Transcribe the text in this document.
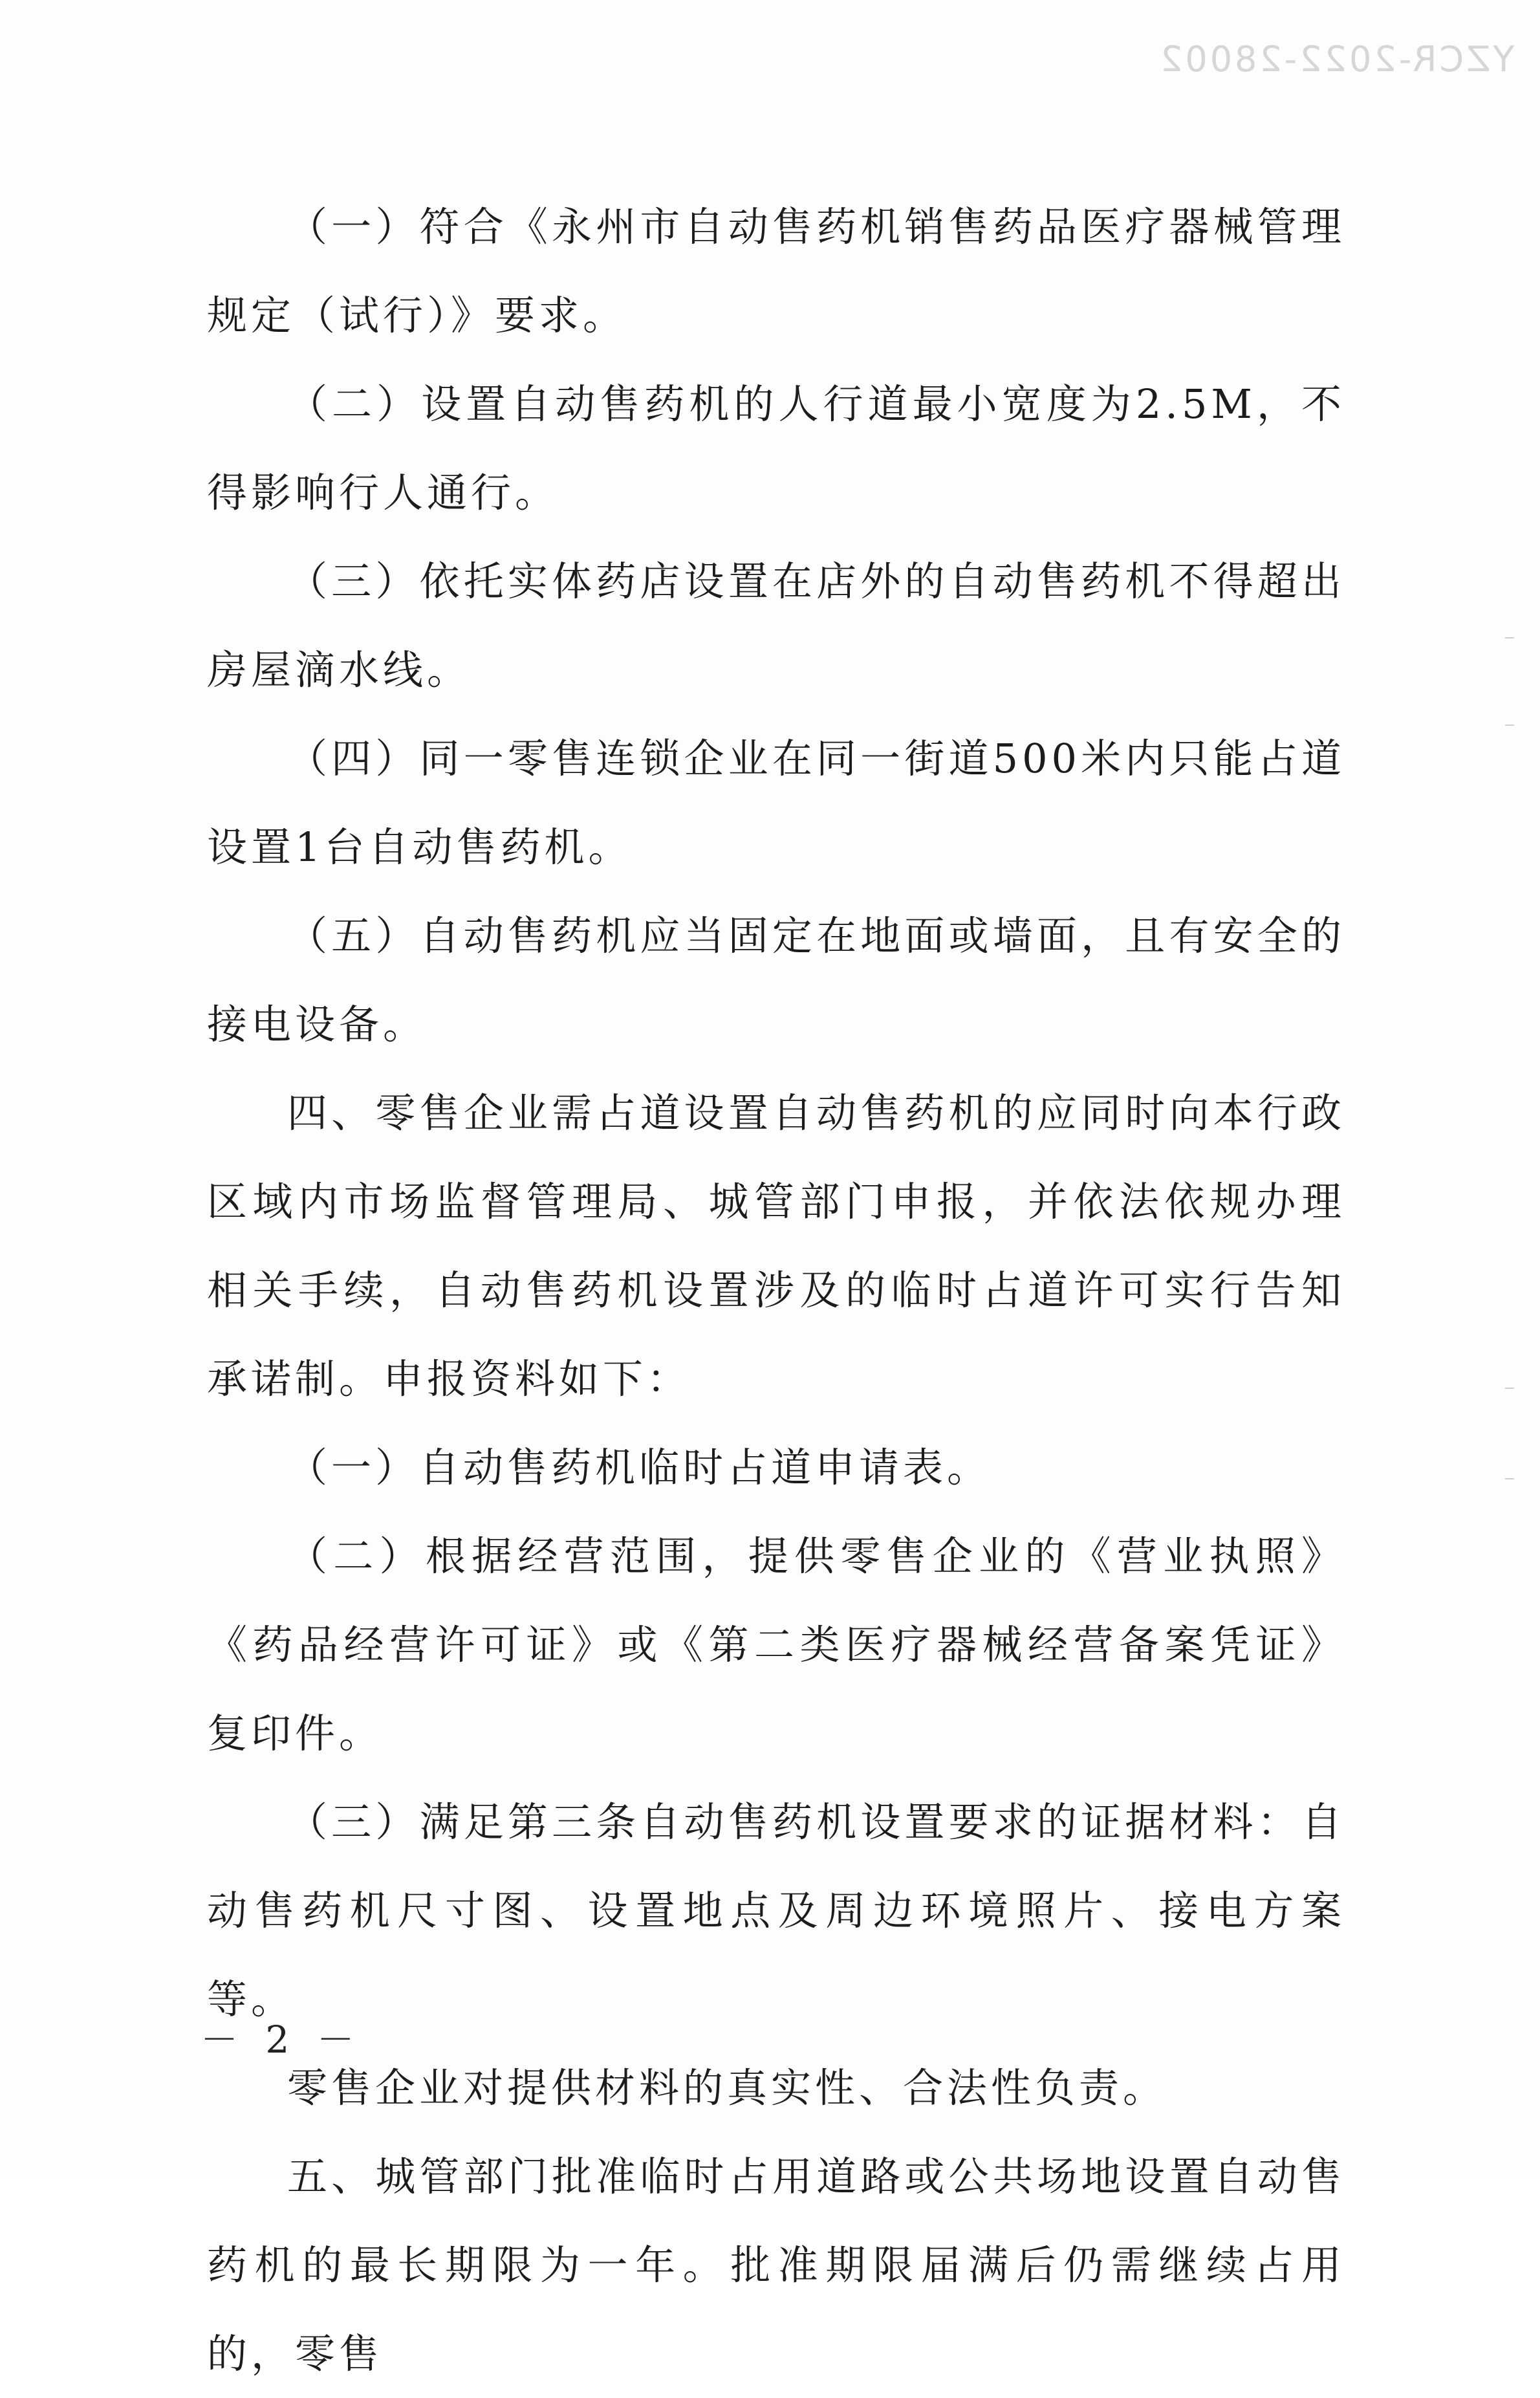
YZCR-2022-28002

（一）符合《永州市自动售药机销售药品医疗器械管理规定（试行）》要求。

（二）设置自动售药机的人行道最小宽度为2.5M，不得影响行人通行。

（三）依托实体药店设置在店外的自动售药机不得超出房屋滴水线。

（四）同一零售连锁企业在同一街道500米内只能占道设置1台自动售药机。

（五）自动售药机应当固定在地面或墙面，且有安全的接电设备。

四、零售企业需占道设置自动售药机的应同时向本行政区域内市场监督管理局、城管部门申报，并依法依规办理相关手续，自动售药机设置涉及的临时占道许可实行告知承诺制。申报资料如下：

（一）自动售药机临时占道申请表。

（二）根据经营范围，提供零售企业的《营业执照》《药品经营许可证》或《第二类医疗器械经营备案凭证》复印件。

（三）满足第三条自动售药机设置要求的证据材料：自动售药机尺寸图、设置地点及周边环境照片、接电方案等。

零售企业对提供材料的真实性、合法性负责。

五、城管部门批准临时占用道路或公共场地设置自动售药机的最长期限为一年。批准期限届满后仍需继续占用的，零售

－ 2 －
